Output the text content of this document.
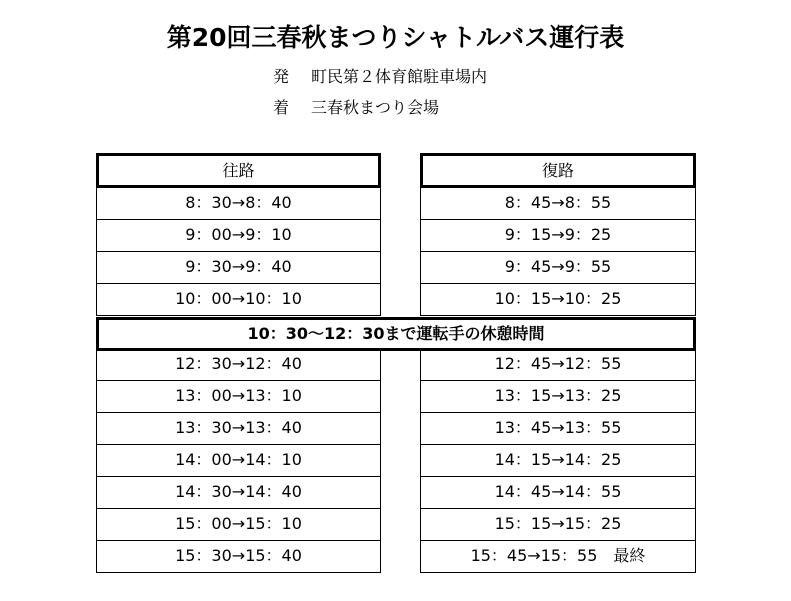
第20回三春秋まつりシャトルバス運行表
発 町民第２体育館駐車場内
着 三春秋まつり会場
往路
8：30→8：40
9：00→9：10
9：30→9：40
10：00→10：10
12：30→12：40
13：00→13：10
13：30→13：40
14：00→14：10
14：30→14：40
15：00→15：10
15：30→15：40
復路
8：45→8：55
9：15→9：25
9：45→9：55
10：15→10：25
12：45→12：55
13：15→13：25
13：45→13：55
14：15→14：25
14：45→14：55
15：15→15：25
15：45→15：55　最終
10：30～12：30まで運転手の休憩時間
